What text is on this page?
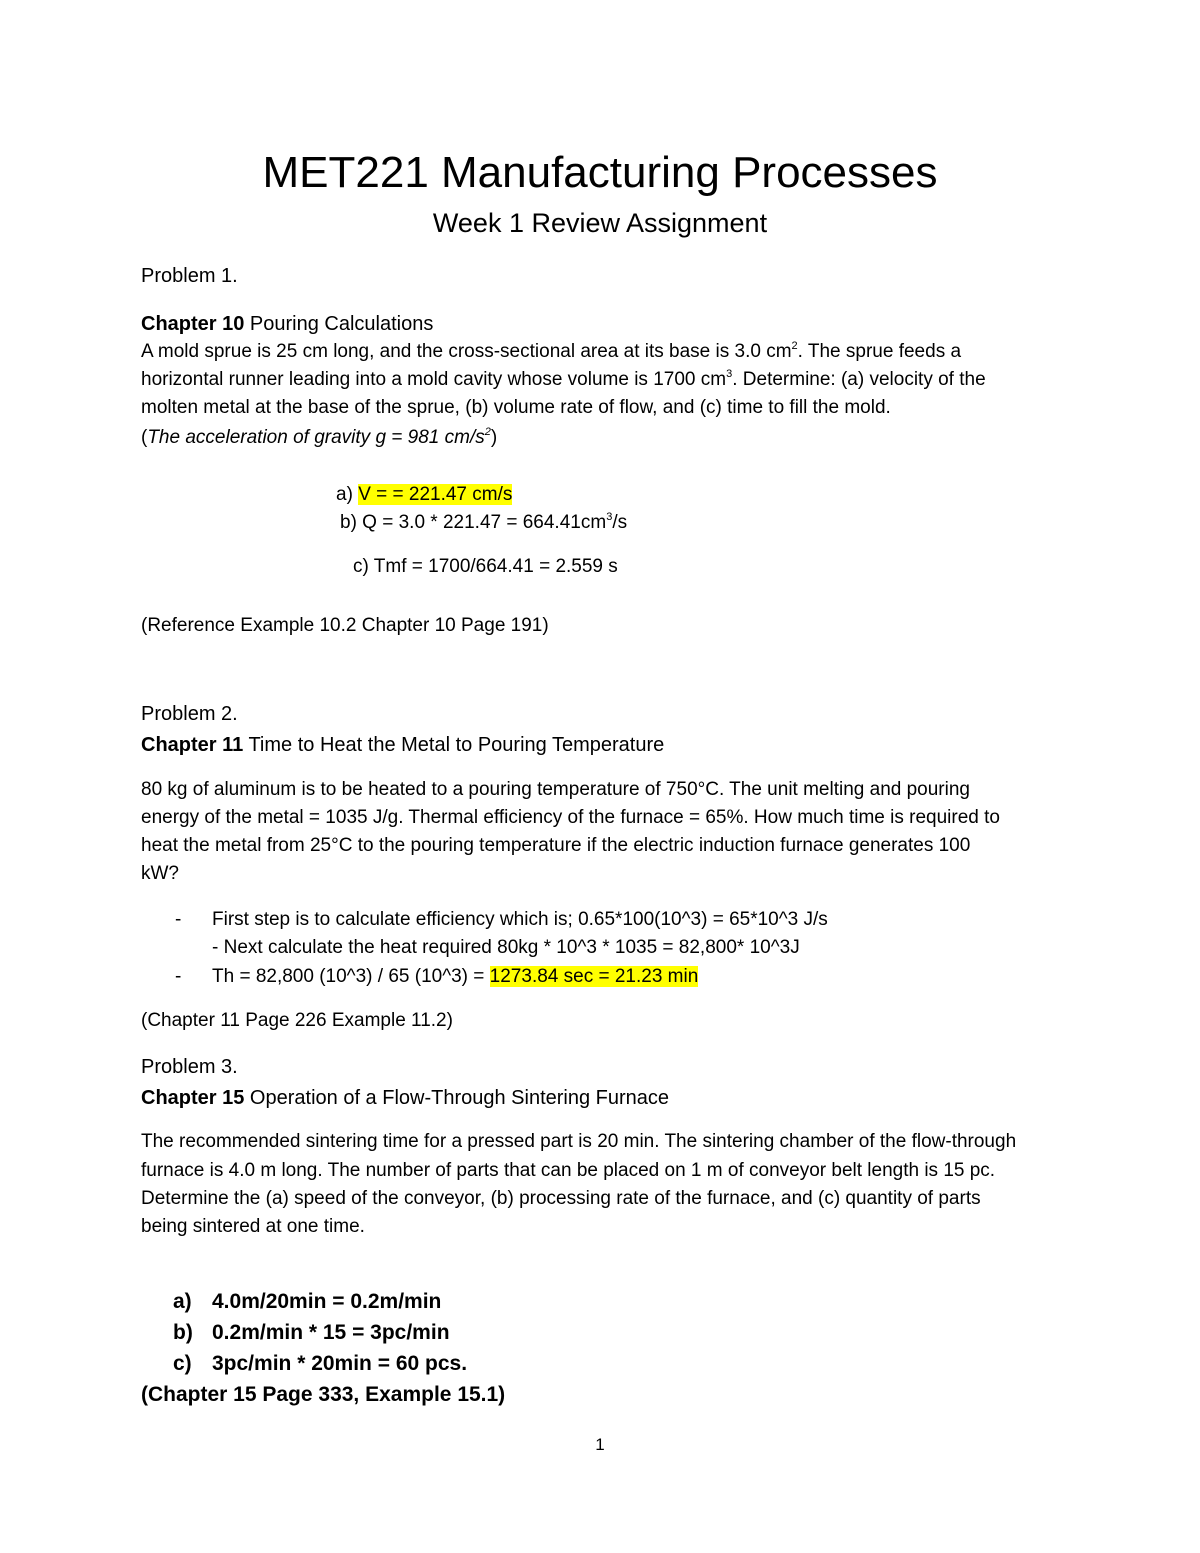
MET221 Manufacturing Processes
Week 1 Review Assignment
Problem 1.
Chapter 10 Pouring Calculations
A mold sprue is 25 cm long, and the cross-sectional area at its base is 3.0 $cm^2$. The sprue feeds a
horizontal runner leading into a mold cavity whose volume is 1700 $cm^3$. Determine: (a) velocity of the
molten metal at the base of the sprue, (b) volume rate of flow, and (c) time to fill the mold.
(The acceleration of gravity g = 981 $cm/s^2$)
a) V = = 221.47 cm/s
b) $Q = 3.0 * 221.47 = 664.41cm^3/s$
c) Tmf = 1700/664.41 = 2.559 s
(Reference Example 10.2 Chapter 10 Page 191)
Problem 2.
Chapter 11 Time to Heat the Metal to Pouring Temperature
80 kg of aluminum is to be heated to a pouring temperature of 750°C. The unit melting and pouring
energy of the metal = 1035 J/g. Thermal efficiency of the furnace = 65%. How much time is required to
heat the metal from 25°C to the pouring temperature if the electric induction furnace generates 100
kW?
- First step is to calculate efficiency which is; 0.65*100(10^3) = 65*10^3 J/s
- Next calculate the heat required 80kg * 10^3 * 1035 = 82,800* 10^3J
- Th = 82,800 (10^3) / 65 (10^3) = 1273.84 sec = 21.23 min
(Chapter 11 Page 226 Example 11.2)
Problem 3.
Chapter 15 Operation of a Flow-Through Sintering Furnace
The recommended sintering time for a pressed part is 20 min. The sintering chamber of the flow-through
furnace is 4.0 m long. The number of parts that can be placed on 1 m of conveyor belt length is 15 pc.
Determine the (a) speed of the conveyor, (b) processing rate of the furnace, and (c) quantity of parts
being sintered at one time.
a) 4.0m/20min = 0.2m/min
b) 0.2m/min * 15 = 3pc/min
c) 3pc/min * 20min = 60 pcs.
(Chapter 15 Page 333, Example 15.1)
1
